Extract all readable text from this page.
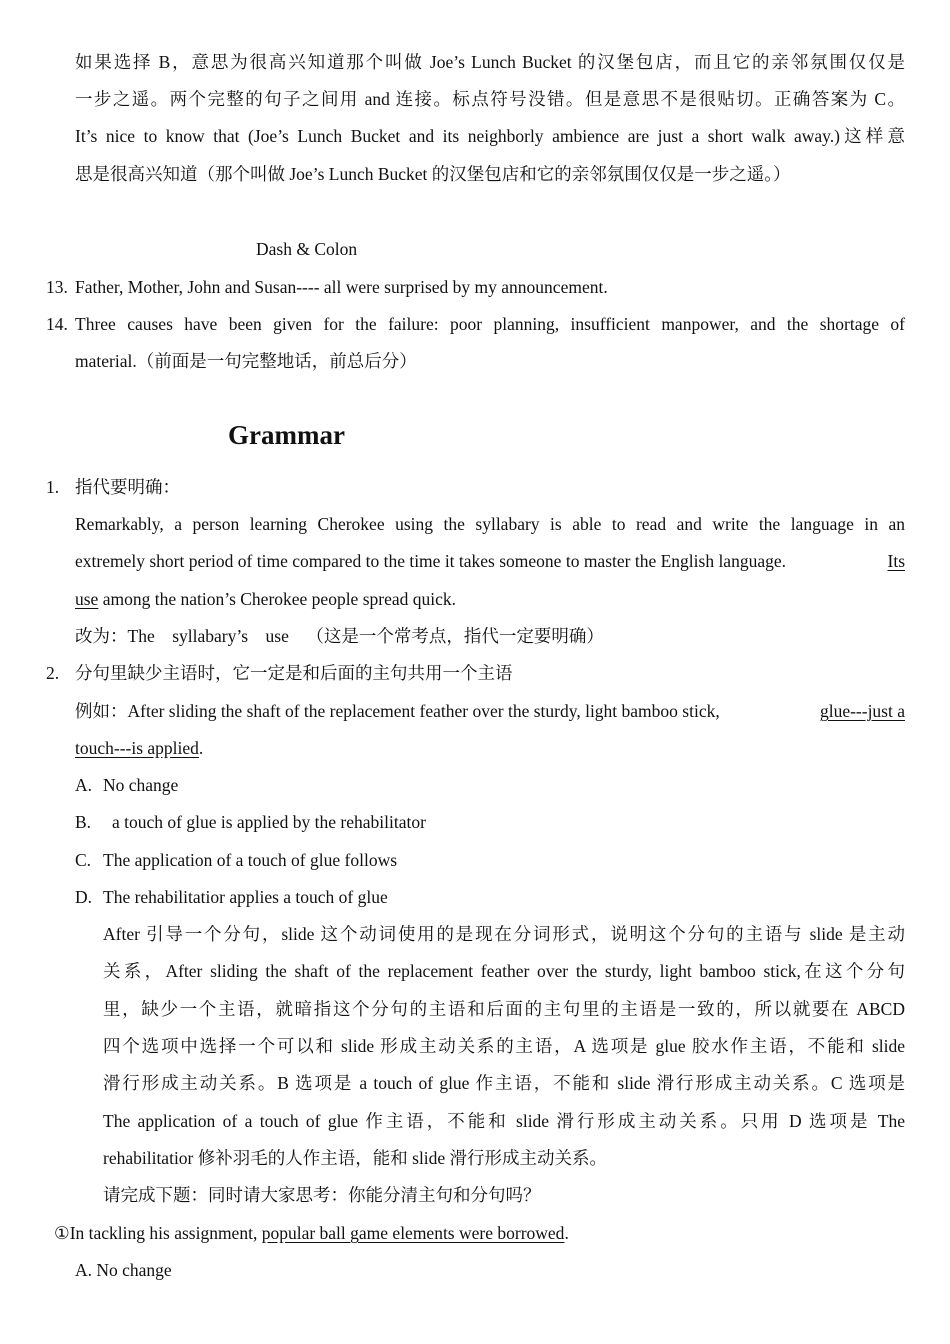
如果选择 B，意思为很高兴知道那个叫做 Joe’s Lunch Bucket 的汉堡包店，而且它的亲邻氛围仅仅是
一步之遥。两个完整的句子之间用 and 连接。标点符号没错。但是意思不是很贴切。正确答案为 C。
It’s nice to know that (Joe’s Lunch Bucket and its neighborly ambience are just a short walk away.)这样意
思是很高兴知道（那个叫做 Joe’s Lunch Bucket 的汉堡包店和它的亲邻氛围仅仅是一步之遥。）
Dash & Colon
13. Father, Mother, John and Susan---- all were surprised by my announcement.
14. Three causes have been given for the failure: poor planning, insufficient manpower, and the shortage of
material.（前面是一句完整地话，前总后分）
Grammar
1. 指代要明确：
Remarkably, a person learning Cherokee using the syllabary is able to read and write the language in an
extremely short period of time compared to the time it takes someone to master the English language.	Its
use among the nation’s Cherokee people spread quick.
改为：The    syllabary’s    use    （这是一个常考点，指代一定要明确）
2. 分句里缺少主语时，它一定是和后面的主句共用一个主语
例如：After sliding the shaft of the replacement feather over the sturdy, light bamboo stick,	glue---just a
touch---is applied.
A. No change
B. a touch of glue is applied by the rehabilitator
C. The application of a touch of glue follows
D. The rehabilitatior applies a touch of glue
After 引导一个分句，slide 这个动词使用的是现在分词形式，说明这个分句的主语与 slide 是主动
关系，After sliding the shaft of the replacement feather over the sturdy, light bamboo stick,在这个分句
里，缺少一个主语，就暗指这个分句的主语和后面的主句里的主语是一致的，所以就要在 ABCD
四个选项中选择一个可以和 slide 形成主动关系的主语，A 选项是 glue 胶水作主语，不能和 slide
滑行形成主动关系。B 选项是 a touch of glue 作主语，不能和 slide 滑行形成主动关系。C 选项是
The application of a touch of glue 作主语，不能和 slide 滑行形成主动关系。只用 D 选项是 The
rehabilitatior 修补羽毛的人作主语，能和 slide 滑行形成主动关系。
请完成下题：同时请大家思考：你能分清主句和分句吗？
①In tackling his assignment, popular ball game elements were borrowed.
A. No change
